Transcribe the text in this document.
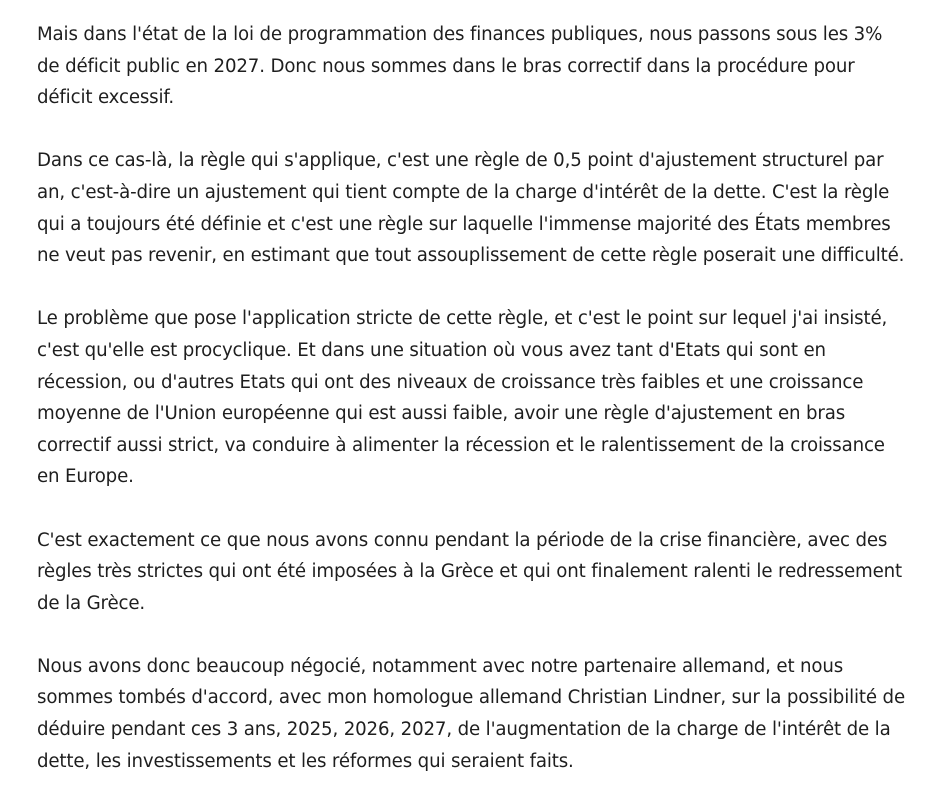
Mais dans l'état de la loi de programmation des finances publiques, nous passons sous les 3% de déficit public en 2027. Donc nous sommes dans le bras correctif dans la procédure pour déficit excessif.

Dans ce cas-là, la règle qui s'applique, c'est une règle de 0,5 point d'ajustement structurel par an, c'est-à-dire un ajustement qui tient compte de la charge d'intérêt de la dette. C'est la règle qui a toujours été définie et c'est une règle sur laquelle l'immense majorité des États membres ne veut pas revenir, en estimant que tout assouplissement de cette règle poserait une difficulté.

Le problème que pose l'application stricte de cette règle, et c'est le point sur lequel j'ai insisté, c'est qu'elle est procyclique. Et dans une situation où vous avez tant d'Etats qui sont en récession, ou d'autres Etats qui ont des niveaux de croissance très faibles et une croissance moyenne de l'Union européenne qui est aussi faible, avoir une règle d'ajustement en bras correctif aussi strict, va conduire à alimenter la récession et le ralentissement de la croissance en Europe.

C'est exactement ce que nous avons connu pendant la période de la crise financière, avec des règles très strictes qui ont été imposées à la Grèce et qui ont finalement ralenti le redressement de la Grèce.

Nous avons donc beaucoup négocié, notamment avec notre partenaire allemand, et nous sommes tombés d'accord, avec mon homologue allemand Christian Lindner, sur la possibilité de déduire pendant ces 3 ans, 2025, 2026, 2027, de l'augmentation de la charge de l'intérêt de la dette, les investissements et les réformes qui seraient faits.
